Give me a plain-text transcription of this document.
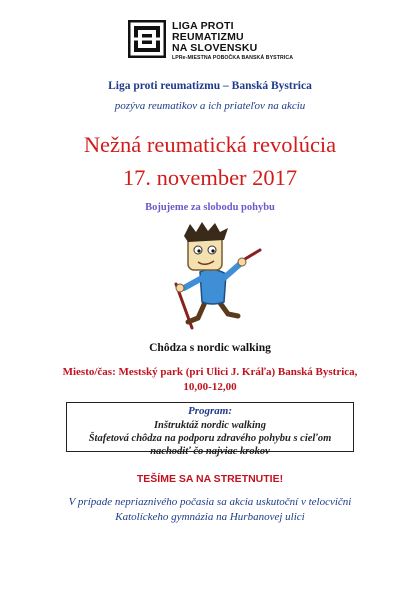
LIGA PROTI
REUMATIZMU
NA SLOVENSKU
LPRe-MIESTNA POBOČKA BANSKÁ BYSTRICA
Liga proti reumatizmu – Banská Bystrica
pozýva reumatikov a ich priateľov na akciu
Nežná reumatická revolúcia
17. november 2017
Bojujeme za slobodu pohybu
Chôdza s nordic walking
Miesto/čas: Mestský park (pri Ulici J. Kráľa) Banská Bystrica,
10,00-12,00
Program:
Inštruktáž nordic walking
Štafetová chôdza na podporu zdravého pohybu s cieľom
nachodiť čo najviac krokov
TEŠÍME SA NA STRETNUTIE!
V prípade nepriaznivého počasia sa akcia uskutoční v telocvični
Katolíckeho gymnázia na Hurbanovej ulici
